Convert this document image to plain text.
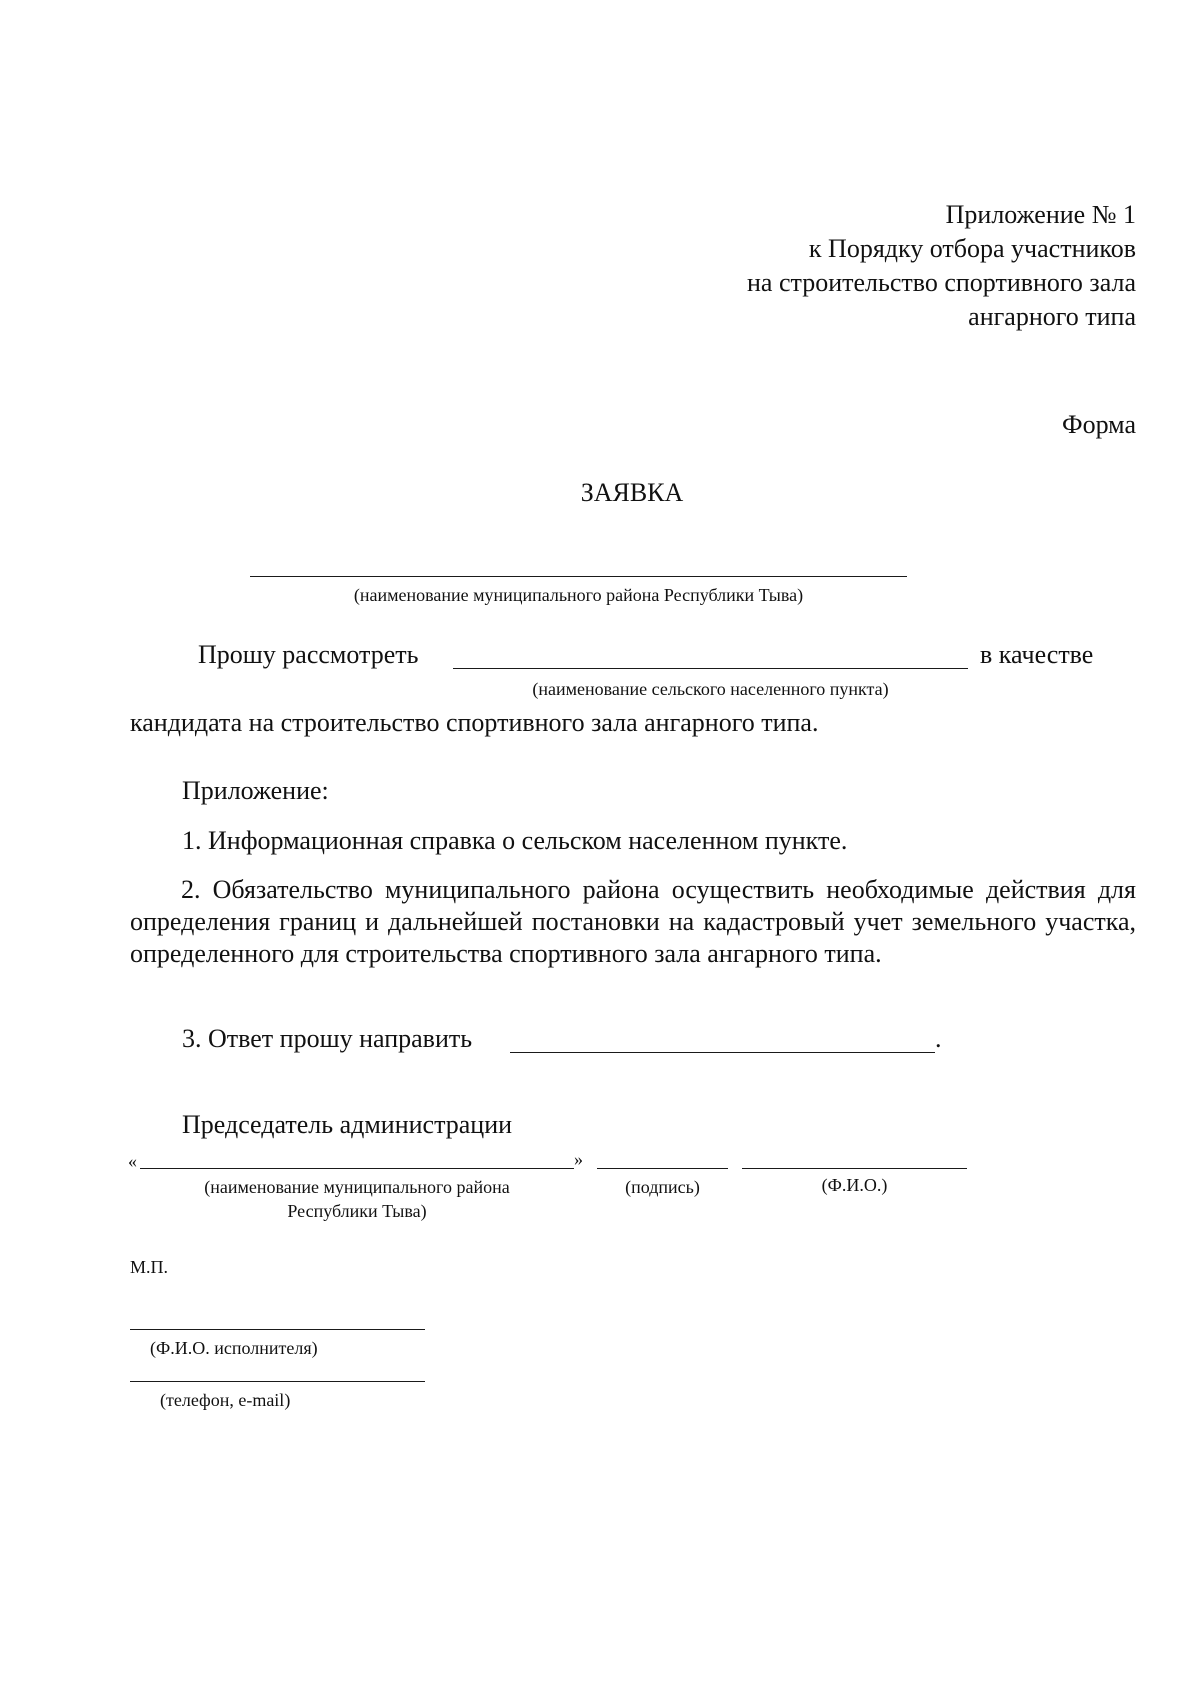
Приложение № 1
к Порядку отбора участников
на строительство спортивного зала
ангарного типа
Форма
ЗАЯВКА
(наименование муниципального района Республики Тыва)
Прошу рассмотреть	в качестве
(наименование сельского населенного пункта)
кандидата на строительство спортивного зала ангарного типа.
Приложение:
1. Информационная справка о сельском населенном пункте.
2. Обязательство муниципального района осуществить необходимые действия для определения границ и дальнейшей постановки на кадастровый учет земельного участка, определенного для строительства спортивного зала ангарного типа.
3. Ответ прошу направить	.
Председатель администрации
«	»
(наименование муниципального района
Республики Тыва)
(подпись)	(Ф.И.О.)
М.П.
(Ф.И.О. исполнителя)
(телефон, e-mail)
